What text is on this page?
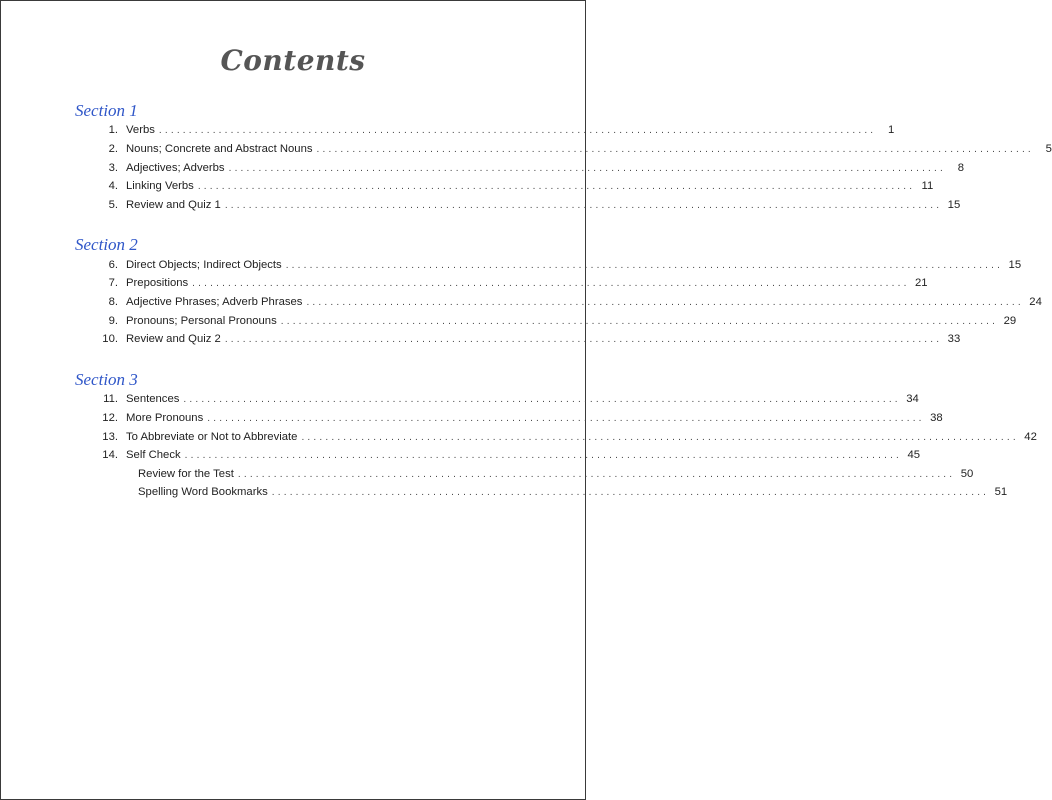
Contents
Section 1
1. Verbs ........................................................................................................................	1
2. Nouns; Concrete and Abstract Nouns ........................................................................................................................	5
3. Adjectives; Adverbs ........................................................................................................................	8
4. Linking Verbs ........................................................................................................................ 11
5. Review and Quiz 1 ........................................................................................................................ 15
Section 2
6. Direct Objects; Indirect Objects ........................................................................................................................ 15
7. Prepositions ........................................................................................................................ 21
8. Adjective Phrases; Adverb Phrases ........................................................................................................................ 24
9. Pronouns; Personal Pronouns ........................................................................................................................ 29
10. Review and Quiz 2 ........................................................................................................................ 33
Section 3
11. Sentences ........................................................................................................................ 34
12. More Pronouns ........................................................................................................................ 38
13. To Abbreviate or Not to Abbreviate ........................................................................................................................ 42
14. Self Check ........................................................................................................................ 45
Review for the Test ........................................................................................................................ 50
Spelling Word Bookmarks ........................................................................................................................ 51
